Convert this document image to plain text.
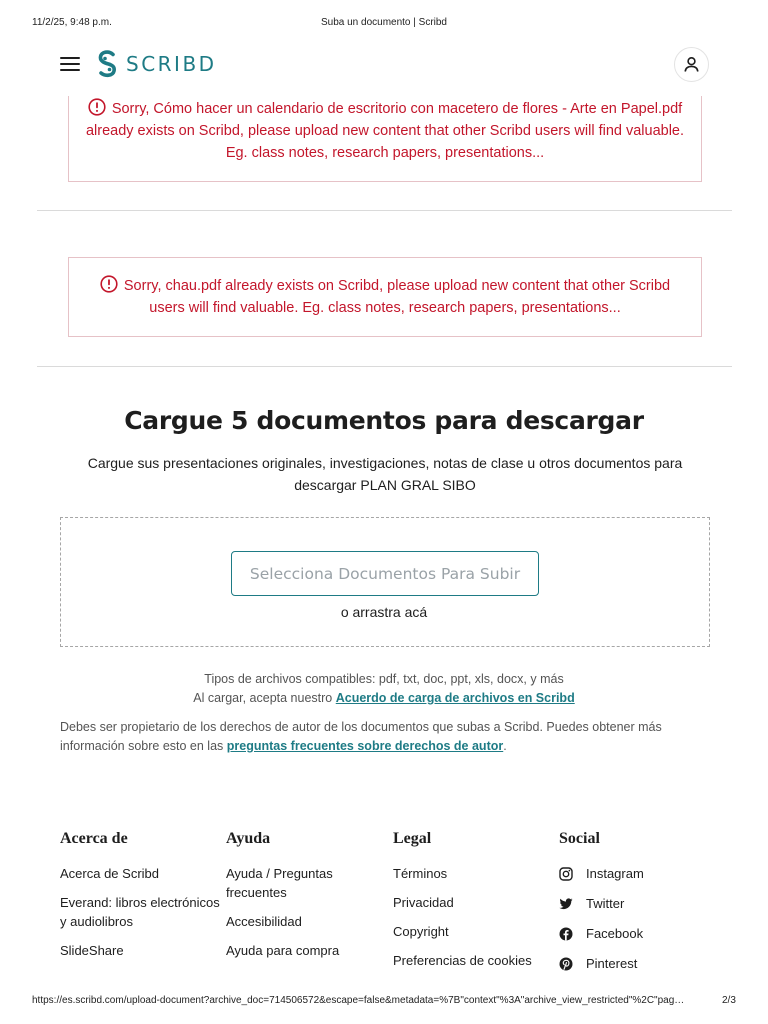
11/2/25, 9:48 p.m.	Suba un documento | Scribd
SCRIBD
Sorry, Cómo hacer un calendario de escritorio con macetero de flores - Arte en Papel.pdf already exists on Scribd, please upload new content that other Scribd users will find valuable. Eg. class notes, research papers, presentations...
Sorry, chau.pdf already exists on Scribd, please upload new content that other Scribd users will find valuable. Eg. class notes, research papers, presentations...
Cargue 5 documentos para descargar

Cargue sus presentaciones originales, investigaciones, notas de clase u otros documentos para descargar PLAN GRAL SIBO

Selecciona Documentos Para Subir
o arrastra acá
Tipos de archivos compatibles: pdf, txt, doc, ppt, xls, docx, y más
Al cargar, acepta nuestro Acuerdo de carga de archivos en Scribd

Debes ser propietario de los derechos de autor de los documentos que subas a Scribd. Puedes obtener más información sobre esto en las preguntas frecuentes sobre derechos de autor.

Acerca de
Acerca de Scribd
Everand: libros electrónicos y audiolibros
SlideShare
Ayuda
Ayuda / Preguntas frecuentes
Accesibilidad
Ayuda para compra
Legal
Términos
Privacidad
Copyright
Preferencias de cookies
Social
Instagram
Twitter
Facebook
Pinterest
https://es.scribd.com/upload-document?archive_doc=714506572&escape=false&metadata=%7B"context"%3A"archive_view_restricted"%2C"pag…	2/3
